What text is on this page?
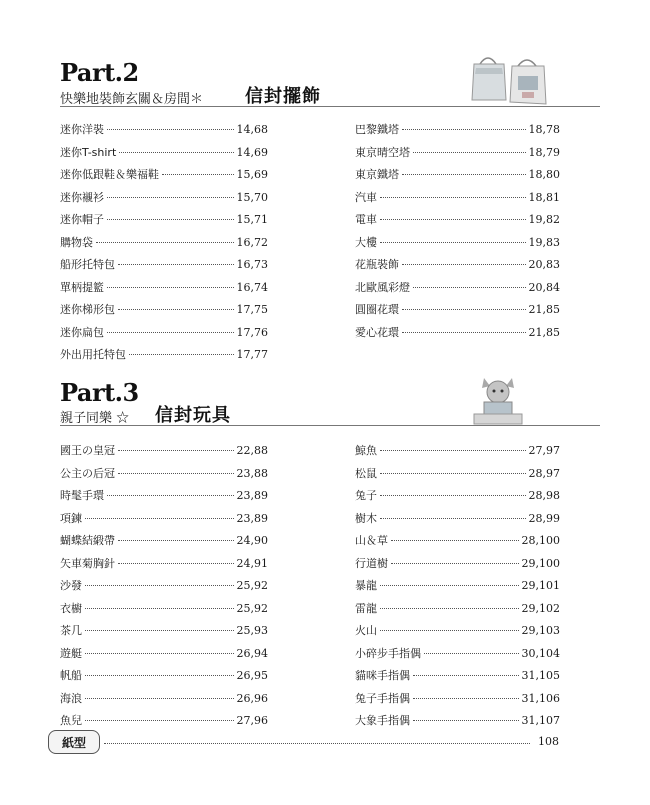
Part.2
快樂地裝飾玄關＆房間＊ 信封擺飾
迷你洋裝	14,68
迷你T-shirt	14,69
迷你低跟鞋＆樂福鞋	15,69
迷你襯衫	15,70
迷你帽子	15,71
購物袋	16,72
船形托特包	16,73
單柄提籃	16,74
迷你梯形包	17,75
迷你扁包	17,76
外出用托特包	17,77
巴黎鐵塔	18,78
東京晴空塔	18,79
東京鐵塔	18,80
汽車	18,81
電車	19,82
大樓	19,83
花瓶裝飾	20,83
北歐風彩燈	20,84
圓圈花環	21,85
愛心花環	21,85
Part.3
親子同樂 ☆ 信封玩具
國王の皇冠	22,88
公主の后冠	23,88
時髦手環	23,89
項鍊	23,89
蝴蝶結緞帶	24,90
矢車菊胸針	24,91
沙發	25,92
衣櫥	25,92
茶几	25,93
遊艇	26,94
帆船	26,95
海浪	26,96
魚兒	27,96
鯨魚	27,97
松鼠	28,97
兔子	28,98
樹木	28,99
山＆草	28,100
行道樹	29,100
暴龍	29,101
雷龍	29,102
火山	29,103
小碎步手指偶	30,104
貓咪手指偶	31,105
兔子手指偶	31,106
大象手指偶	31,107
紙型	108
